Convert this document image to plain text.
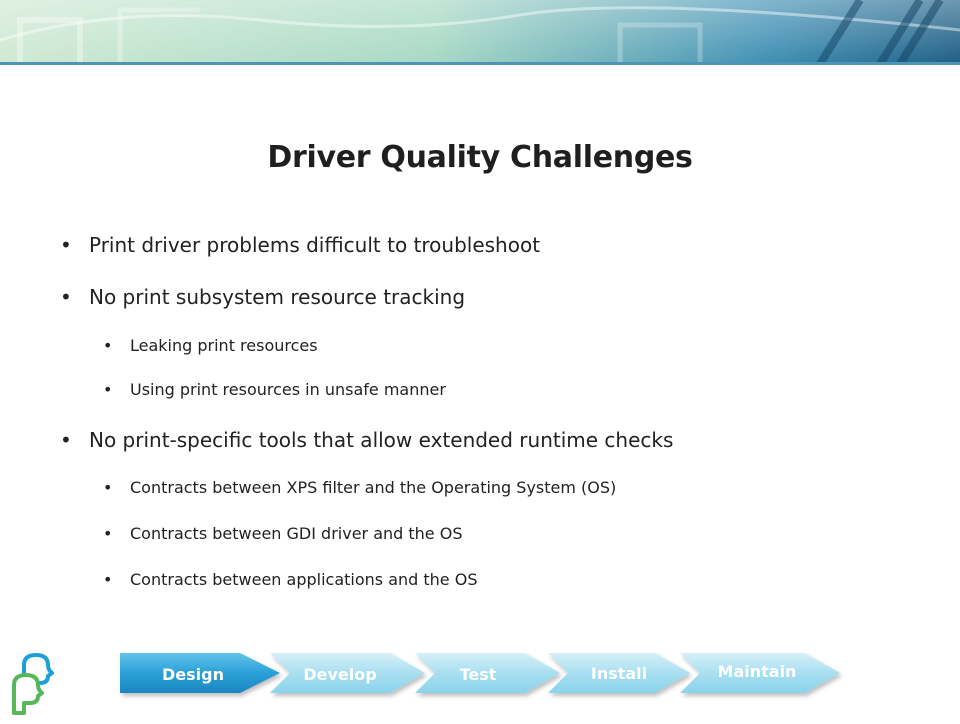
Driver Quality Challenges
• Print driver problems difficult to troubleshoot
• No print subsystem resource tracking
• Leaking print resources
• Using print resources in unsafe manner
• No print-specific tools that allow extended runtime checks
• Contracts between XPS filter and the Operating System (OS)
• Contracts between GDI driver and the OS
• Contracts between applications and the OS
Design	Develop	Test	Install	Maintain
